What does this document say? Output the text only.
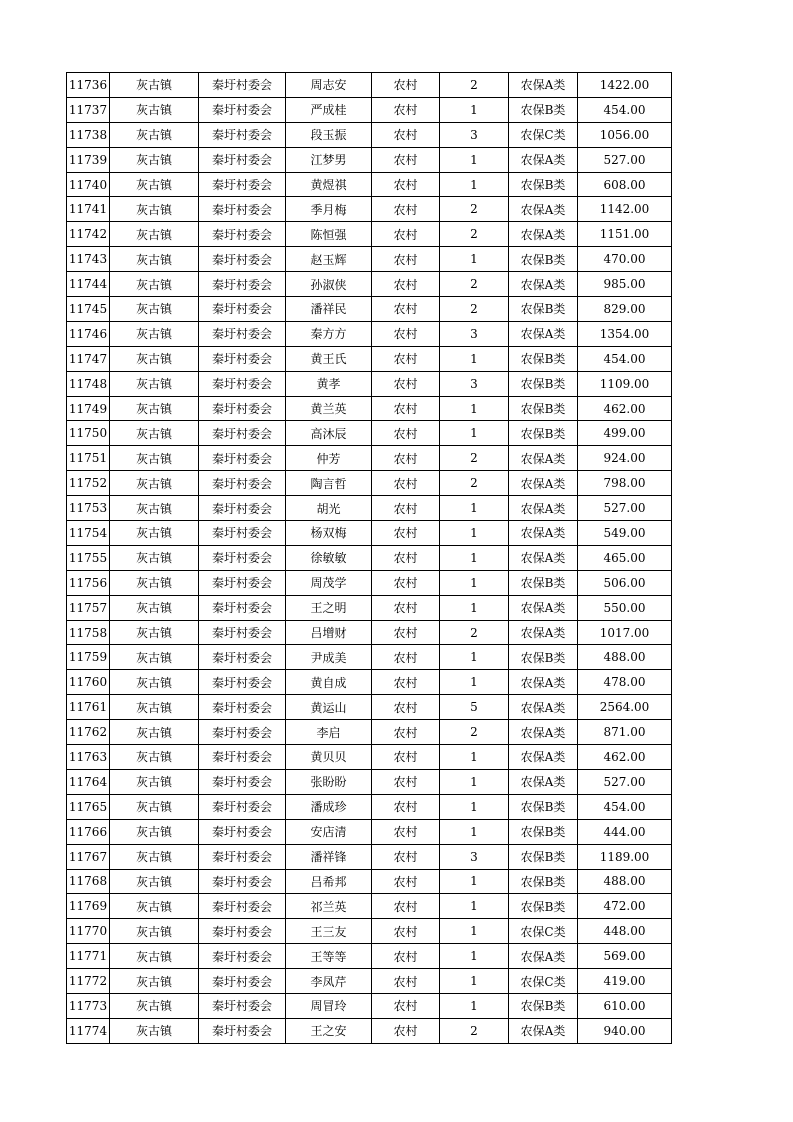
11736	灰古镇	秦圩村委会	周志安	农村	2	农保A类	1422.00
11737	灰古镇	秦圩村委会	严成桂	农村	1	农保B类	454.00
11738	灰古镇	秦圩村委会	段玉振	农村	3	农保C类	1056.00
11739	灰古镇	秦圩村委会	江梦男	农村	1	农保A类	527.00
11740	灰古镇	秦圩村委会	黄煜祺	农村	1	农保B类	608.00
11741	灰古镇	秦圩村委会	季月梅	农村	2	农保A类	1142.00
11742	灰古镇	秦圩村委会	陈恒强	农村	2	农保A类	1151.00
11743	灰古镇	秦圩村委会	赵玉辉	农村	1	农保B类	470.00
11744	灰古镇	秦圩村委会	孙淑侠	农村	2	农保A类	985.00
11745	灰古镇	秦圩村委会	潘祥民	农村	2	农保B类	829.00
11746	灰古镇	秦圩村委会	秦方方	农村	3	农保A类	1354.00
11747	灰古镇	秦圩村委会	黄王氏	农村	1	农保B类	454.00
11748	灰古镇	秦圩村委会	黄孝	农村	3	农保B类	1109.00
11749	灰古镇	秦圩村委会	黄兰英	农村	1	农保B类	462.00
11750	灰古镇	秦圩村委会	高沐辰	农村	1	农保B类	499.00
11751	灰古镇	秦圩村委会	仲芳	农村	2	农保A类	924.00
11752	灰古镇	秦圩村委会	陶言哲	农村	2	农保A类	798.00
11753	灰古镇	秦圩村委会	胡光	农村	1	农保A类	527.00
11754	灰古镇	秦圩村委会	杨双梅	农村	1	农保A类	549.00
11755	灰古镇	秦圩村委会	徐敏敏	农村	1	农保A类	465.00
11756	灰古镇	秦圩村委会	周茂学	农村	1	农保B类	506.00
11757	灰古镇	秦圩村委会	王之明	农村	1	农保A类	550.00
11758	灰古镇	秦圩村委会	吕增财	农村	2	农保A类	1017.00
11759	灰古镇	秦圩村委会	尹成美	农村	1	农保B类	488.00
11760	灰古镇	秦圩村委会	黄自成	农村	1	农保A类	478.00
11761	灰古镇	秦圩村委会	黄运山	农村	5	农保A类	2564.00
11762	灰古镇	秦圩村委会	李启	农村	2	农保A类	871.00
11763	灰古镇	秦圩村委会	黄贝贝	农村	1	农保A类	462.00
11764	灰古镇	秦圩村委会	张盼盼	农村	1	农保A类	527.00
11765	灰古镇	秦圩村委会	潘成珍	农村	1	农保B类	454.00
11766	灰古镇	秦圩村委会	安店清	农村	1	农保B类	444.00
11767	灰古镇	秦圩村委会	潘祥锋	农村	3	农保B类	1189.00
11768	灰古镇	秦圩村委会	吕希邦	农村	1	农保B类	488.00
11769	灰古镇	秦圩村委会	祁兰英	农村	1	农保B类	472.00
11770	灰古镇	秦圩村委会	王三友	农村	1	农保C类	448.00
11771	灰古镇	秦圩村委会	王等等	农村	1	农保A类	569.00
11772	灰古镇	秦圩村委会	李凤芹	农村	1	农保C类	419.00
11773	灰古镇	秦圩村委会	周冒玲	农村	1	农保B类	610.00
11774	灰古镇	秦圩村委会	王之安	农村	2	农保A类	940.00
